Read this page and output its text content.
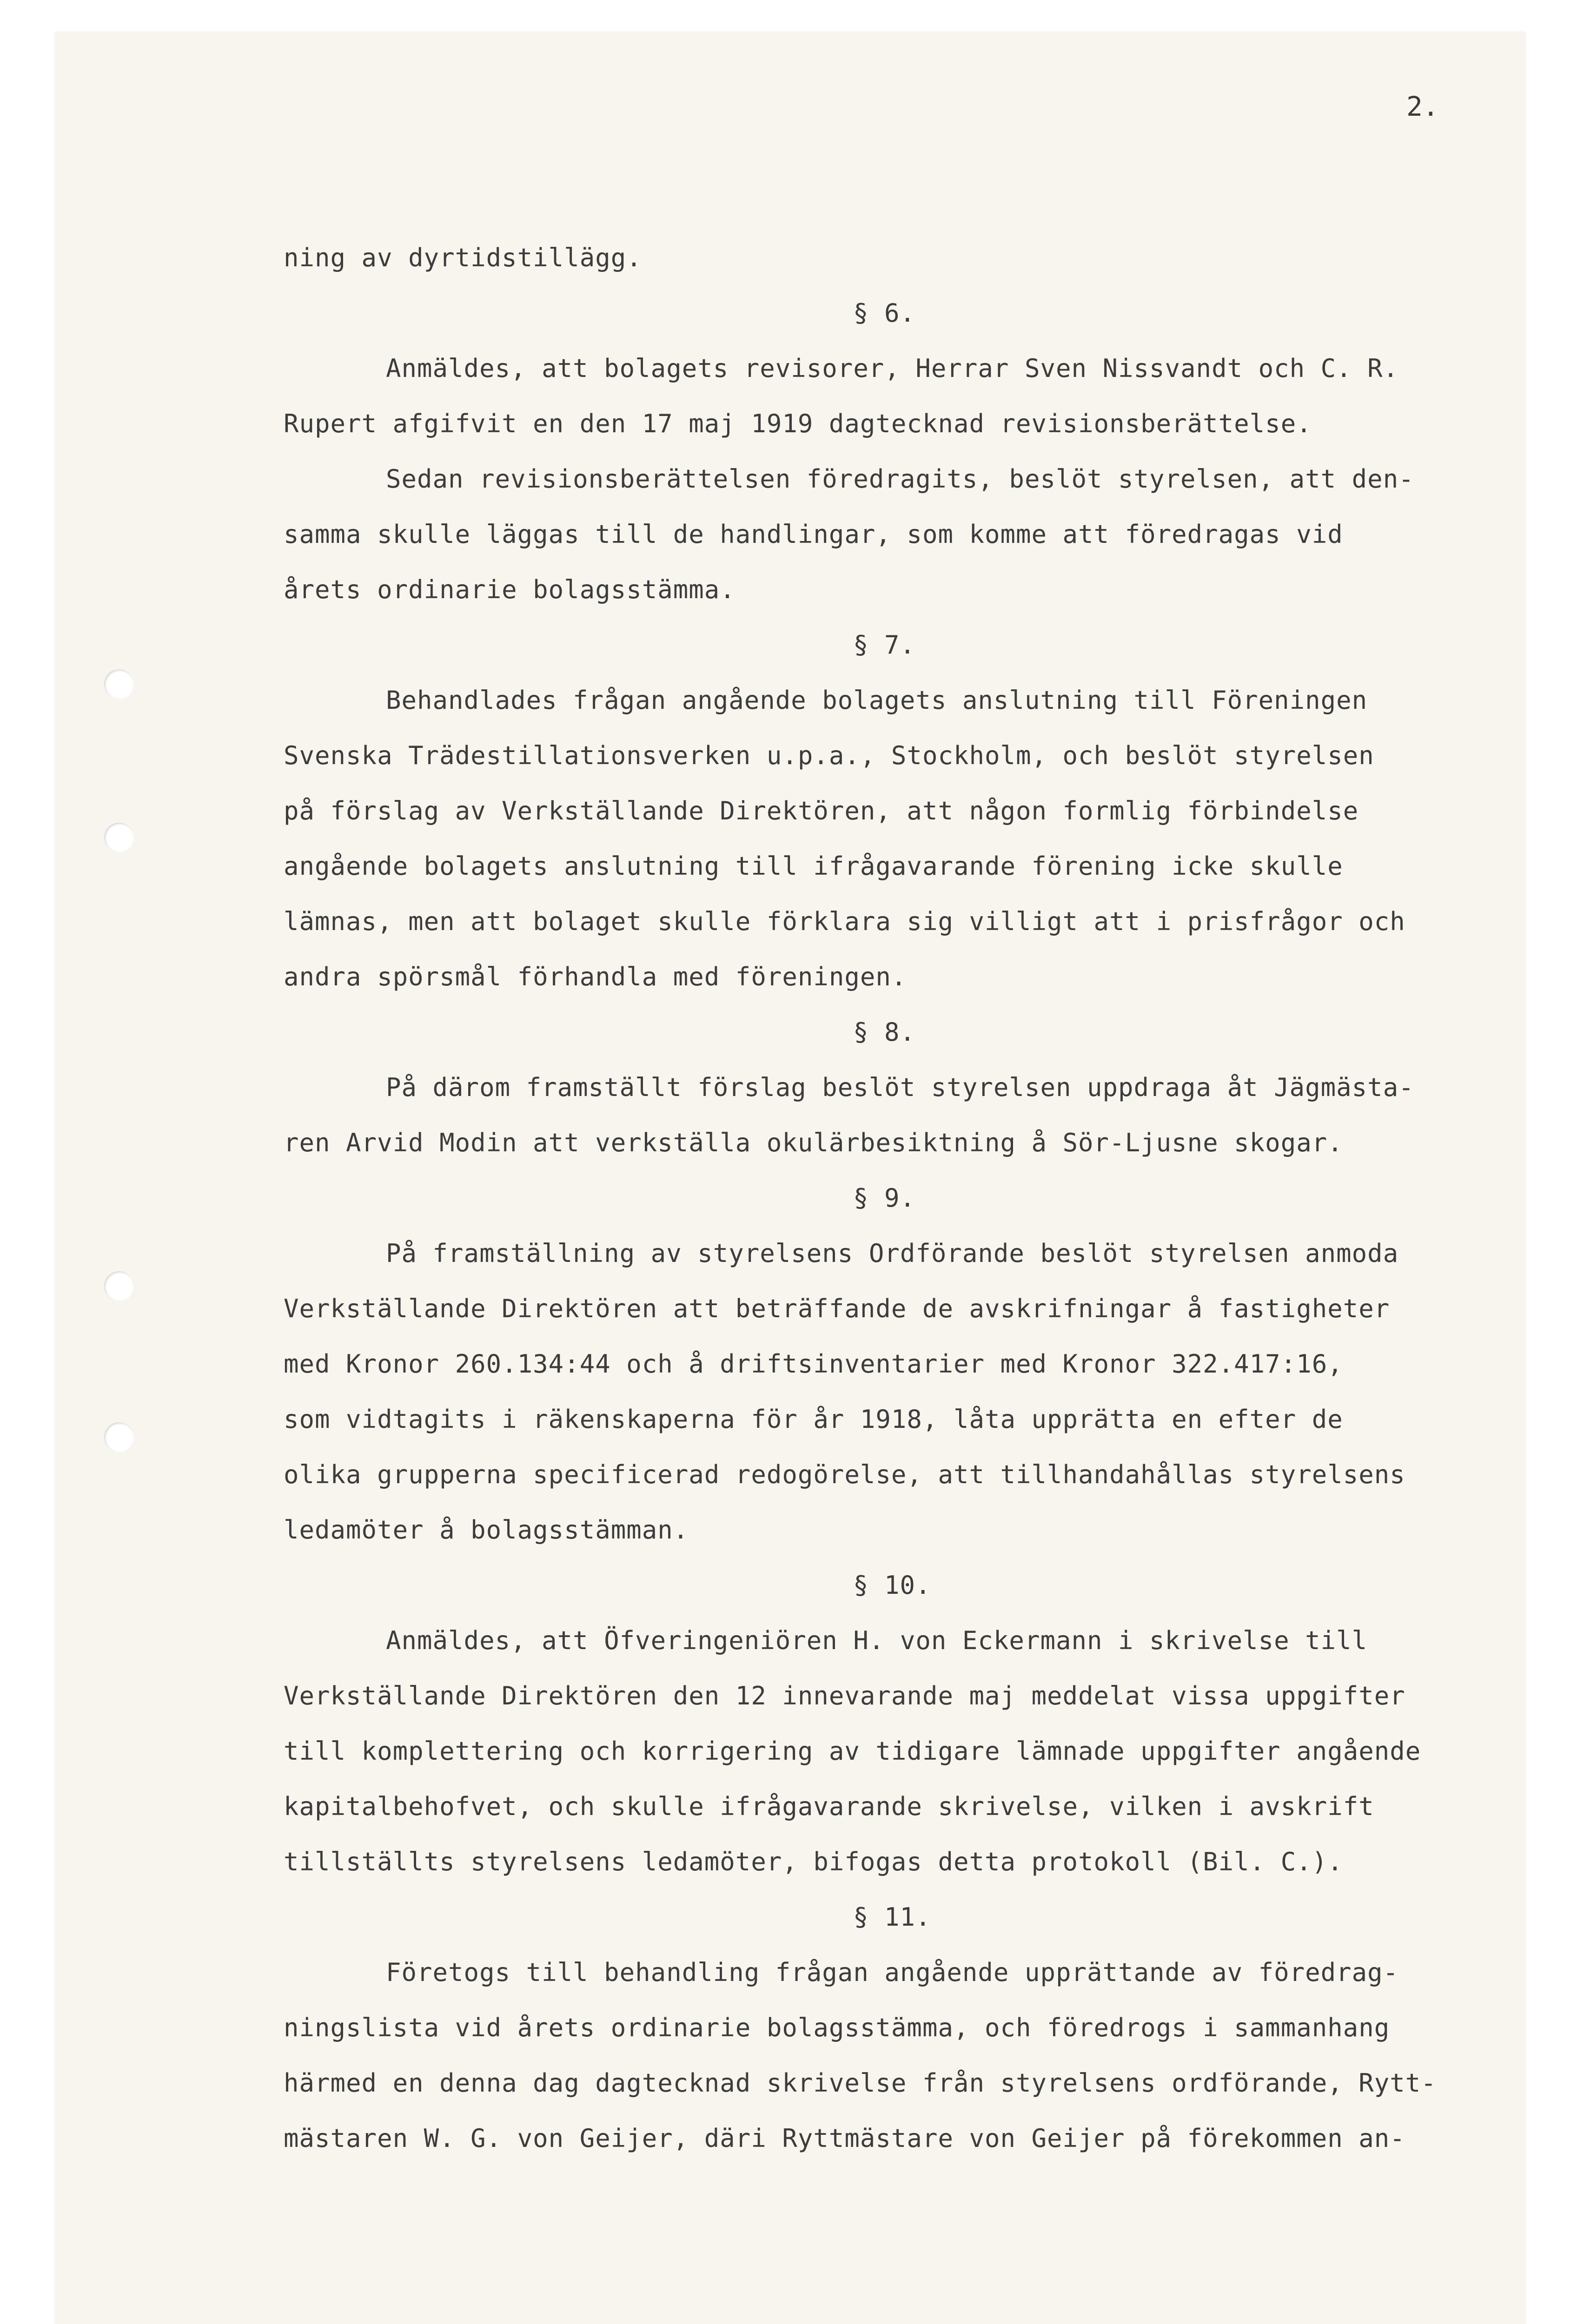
2.

ning av dyrtidstillägg.

§ 6.

Anmäldes, att bolagets revisorer, Herrar Sven Nissvandt och C. R.

Rupert afgifvit en den 17 maj 1919 dagtecknad revisionsberättelse.

Sedan revisionsberättelsen föredragits, beslöt styrelsen, att den-

samma skulle läggas till de handlingar, som komme att föredragas vid

årets ordinarie bolagsstämma.

§ 7.

Behandlades frågan angående bolagets anslutning till Föreningen

Svenska Trädestillationsverken u.p.a., Stockholm, och beslöt styrelsen

på förslag av Verkställande Direktören, att någon formlig förbindelse

angående bolagets anslutning till ifrågavarande förening icke skulle

lämnas, men att bolaget skulle förklara sig villigt att i prisfrågor och

andra spörsmål förhandla med föreningen.

§ 8.

På därom framställt förslag beslöt styrelsen uppdraga åt Jägmästa-

ren Arvid Modin att verkställa okulärbesiktning å Sör-Ljusne skogar.

§ 9.

På framställning av styrelsens Ordförande beslöt styrelsen anmoda

Verkställande Direktören att beträffande de avskrifningar å fastigheter

med Kronor 260.134:44 och å driftsinventarier med Kronor 322.417:16,

som vidtagits i räkenskaperna för år 1918, låta upprätta en efter de

olika grupperna specificerad redogörelse, att tillhandahållas styrelsens

ledamöter å bolagsstämman.

§ 10.

Anmäldes, att Öfveringeniören H. von Eckermann i skrivelse till

Verkställande Direktören den 12 innevarande maj meddelat vissa uppgifter

till komplettering och korrigering av tidigare lämnade uppgifter angående

kapitalbehofvet, och skulle ifrågavarande skrivelse, vilken i avskrift

tillställts styrelsens ledamöter, bifogas detta protokoll (Bil. C.).

§ 11.

Företogs till behandling frågan angående upprättande av föredrag-

ningslista vid årets ordinarie bolagsstämma, och föredrogs i sammanhang

härmed en denna dag dagtecknad skrivelse från styrelsens ordförande, Rytt-

mästaren W. G. von Geijer, däri Ryttmästare von Geijer på förekommen an-
